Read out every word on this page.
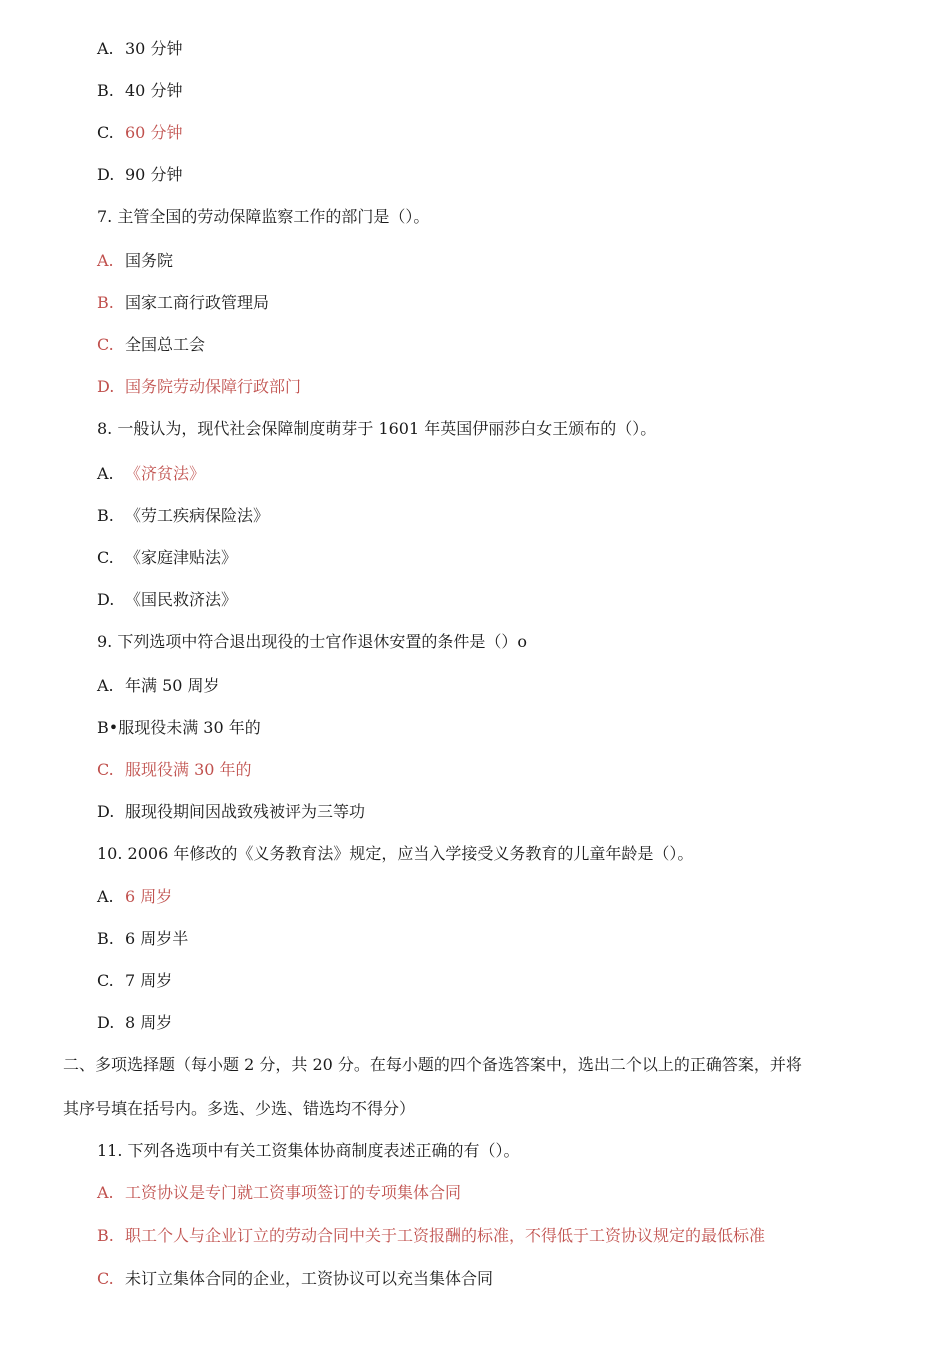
A. 30 分钟
B. 40 分钟
C. 60 分钟
D. 90 分钟
7. 主管全国的劳动保障监察工作的部门是（）。
A. 国务院
B. 国家工商行政管理局
C. 全国总工会
D. 国务院劳动保障行政部门
8. 一般认为，现代社会保障制度萌芽于 1601 年英国伊丽莎白女王颁布的（）。
A. 《济贫法》
B. 《劳工疾病保险法》
C. 《家庭津贴法》
D. 《国民救济法》
9. 下列选项中符合退出现役的士官作退休安置的条件是（）o
A. 年满 50 周岁
B•服现役未满 30 年的
C. 服现役满 30 年的
D. 服现役期间因战致残被评为三等功
10. 2006 年修改的《义务教育法》规定，应当入学接受义务教育的儿童年龄是（）。
A. 6 周岁
B. 6 周岁半
C. 7 周岁
D. 8 周岁
二、多项选择题（每小题 2 分，共 20 分。在每小题的四个备选答案中，选出二个以上的正确答案，并将
其序号填在括号内。多选、少选、错选均不得分）
11. 下列各选项中有关工资集体协商制度表述正确的有（）。
A. 工资协议是专门就工资事项签订的专项集体合同
B. 职工个人与企业订立的劳动合同中关于工资报酬的标准，不得低于工资协议规定的最低标准
C. 未订立集体合同的企业，工资协议可以充当集体合同
